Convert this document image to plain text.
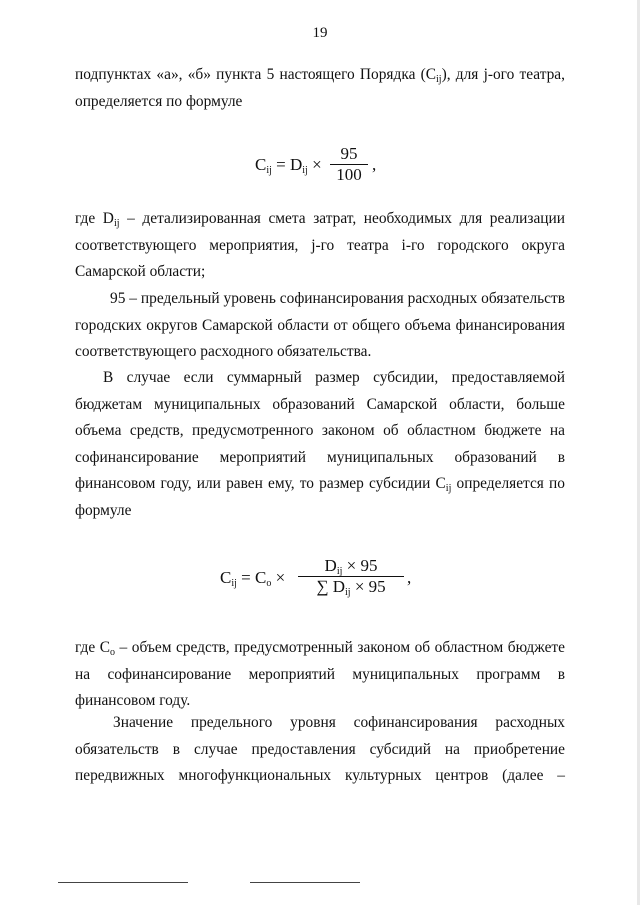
19
подпунктах «а», «б» пункта 5 настоящего Порядка $(C_{ij})$, для j-ого театра,
определяется по формуле
$C_{ij} = D_{ij}$ ×
95
100
,
где $D_{ij}$ – детализированная смета затрат, необходимых для реализации
соответствующего мероприятия, j-го театра i-го городского округа
Самарской области;
95 – предельный уровень софинансирования расходных обязательств
городских округов Самарской области от общего объема финансирования
соответствующего расходного обязательства.
В случае если суммарный размер субсидии, предоставляемой
бюджетам муниципальных образований Самарской области, больше
объема средств, предусмотренного законом об областном бюджете на
софинансирование мероприятий муниципальных образований в
финансовом году, или равен ему, то размер субсидии $C_{ij}$ определяется по
формуле
$C_{ij} = C_o$ ×
$D_{ij} \times 95$
∑ $D_{ij} \times 95$	,
где $C_o$ – объем средств, предусмотренный законом об областном бюджете
на софинансирование мероприятий муниципальных программ в
финансовом году.
Значение предельного уровня софинансирования расходных
обязательств в случае предоставления субсидий на приобретение
передвижных многофункциональных культурных центров (далее –
